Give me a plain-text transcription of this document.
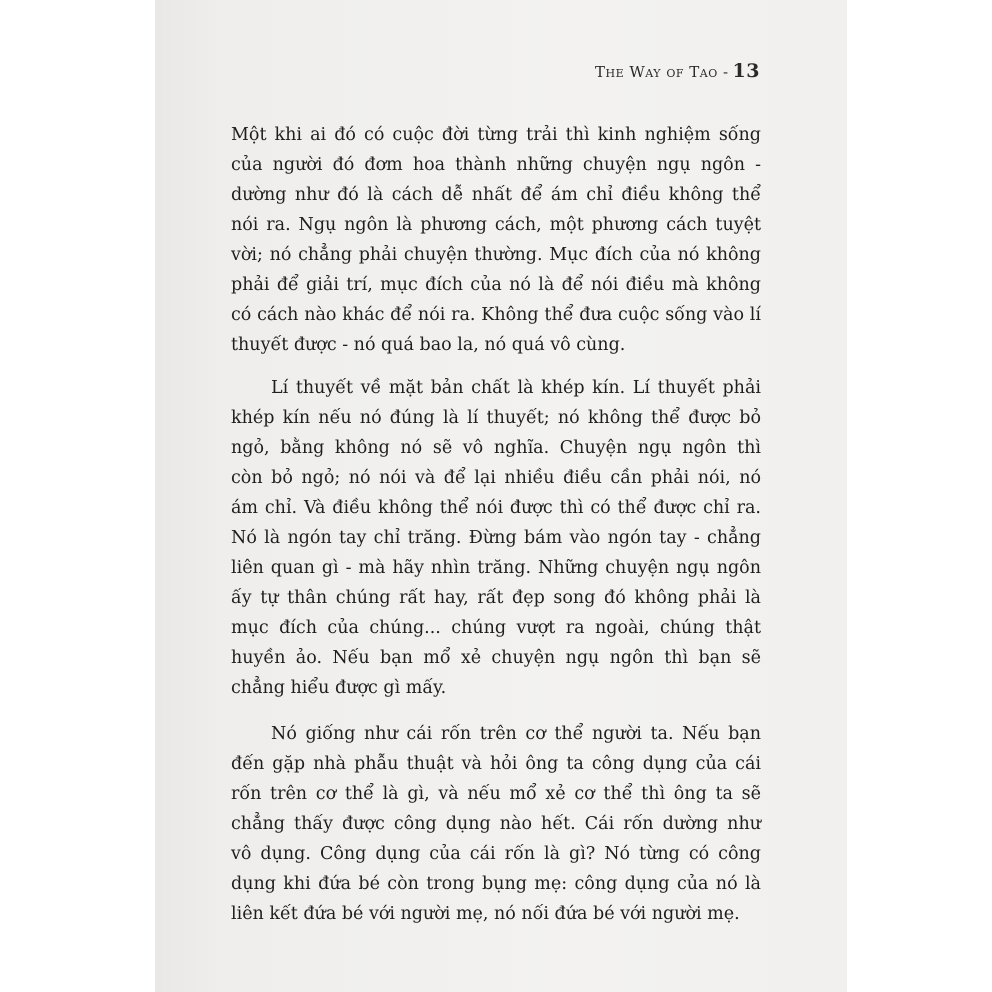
The Way of Tao - 13
Một khi ai đó có cuộc đời từng trải thì kinh nghiệm sống
của người đó đơm hoa thành những chuyện ngụ ngôn -
dường như đó là cách dễ nhất để ám chỉ điều không thể
nói ra. Ngụ ngôn là phương cách, một phương cách tuyệt
vời; nó chẳng phải chuyện thường. Mục đích của nó không
phải để giải trí, mục đích của nó là để nói điều mà không
có cách nào khác để nói ra. Không thể đưa cuộc sống vào lí
thuyết được - nó quá bao la, nó quá vô cùng.
Lí thuyết về mặt bản chất là khép kín. Lí thuyết phải
khép kín nếu nó đúng là lí thuyết; nó không thể được bỏ
ngỏ, bằng không nó sẽ vô nghĩa. Chuyện ngụ ngôn thì
còn bỏ ngỏ; nó nói và để lại nhiều điều cần phải nói, nó
ám chỉ. Và điều không thể nói được thì có thể được chỉ ra.
Nó là ngón tay chỉ trăng. Đừng bám vào ngón tay - chẳng
liên quan gì - mà hãy nhìn trăng. Những chuyện ngụ ngôn
ấy tự thân chúng rất hay, rất đẹp song đó không phải là
mục đích của chúng... chúng vượt ra ngoài, chúng thật
huyền ảo. Nếu bạn mổ xẻ chuyện ngụ ngôn thì bạn sẽ
chẳng hiểu được gì mấy.
Nó giống như cái rốn trên cơ thể người ta. Nếu bạn
đến gặp nhà phẫu thuật và hỏi ông ta công dụng của cái
rốn trên cơ thể là gì, và nếu mổ xẻ cơ thể thì ông ta sẽ
chẳng thấy được công dụng nào hết. Cái rốn dường như
vô dụng. Công dụng của cái rốn là gì? Nó từng có công
dụng khi đứa bé còn trong bụng mẹ: công dụng của nó là
liên kết đứa bé với người mẹ, nó nối đứa bé với người mẹ.
